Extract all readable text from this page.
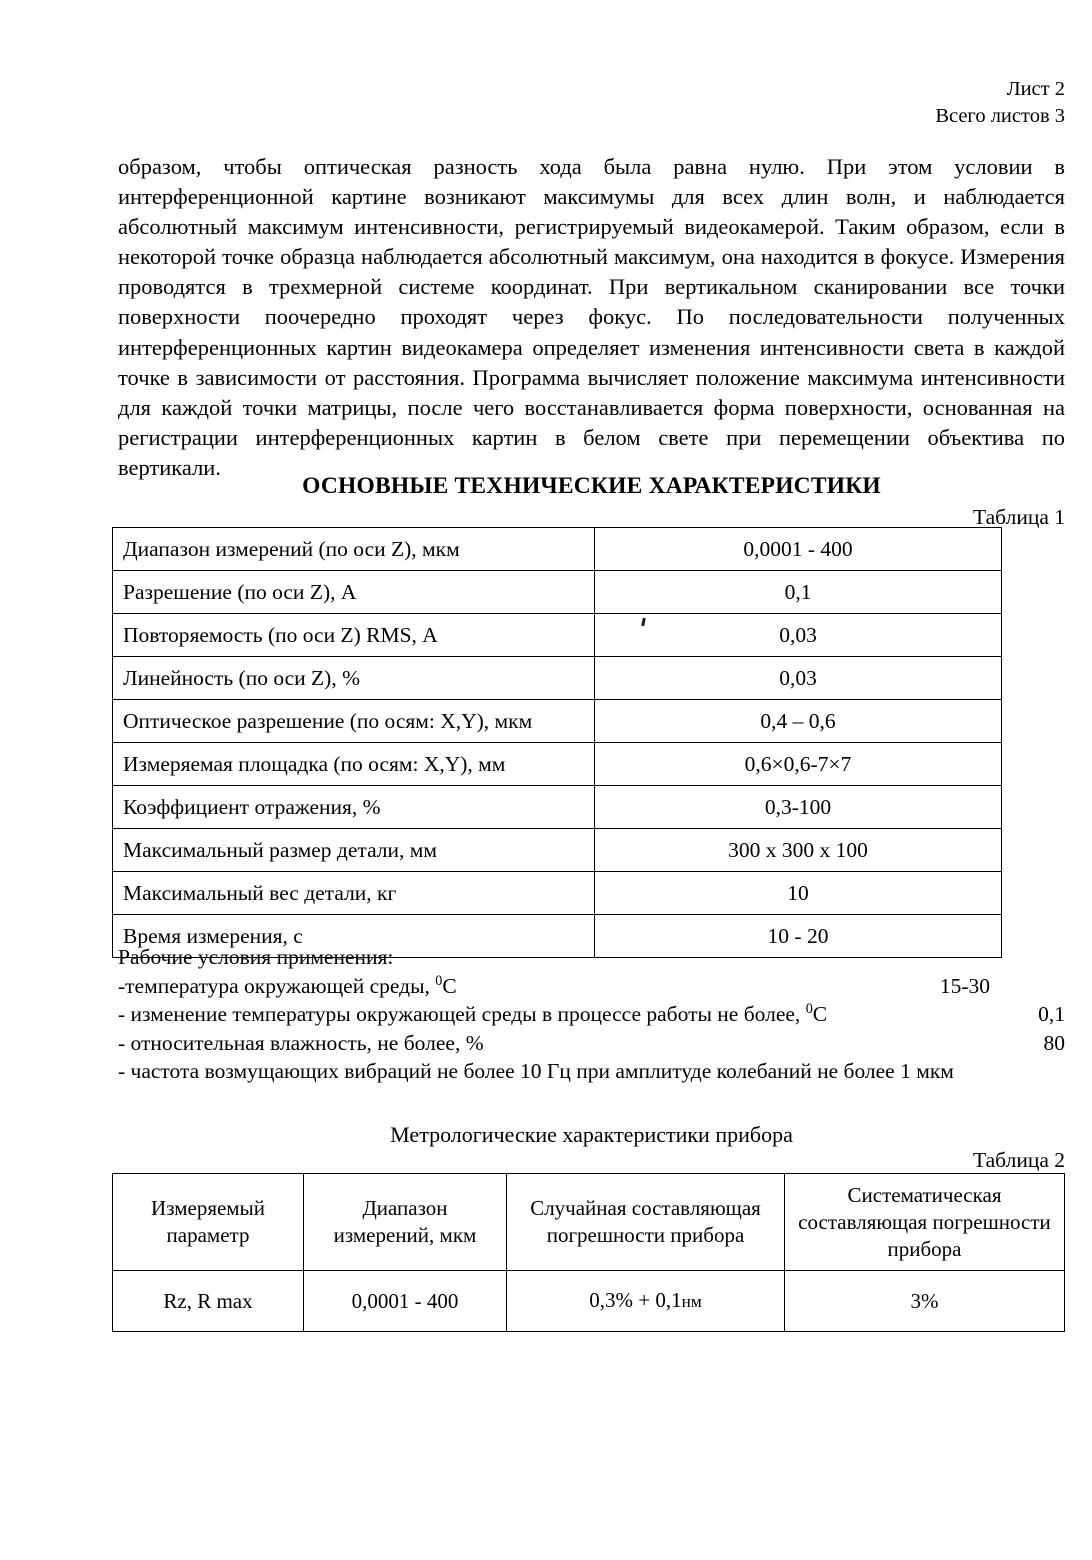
Лист 2
Всего листов 3
образом, чтобы оптическая разность хода была равна нулю. При этом условии в интерференционной картине возникают максимумы для всех длин волн, и наблюдается абсолютный максимум интенсивности, регистрируемый видеокамерой. Таким образом, если в некоторой точке образца наблюдается абсолютный максимум, она находится в фокусе. Измерения проводятся в трехмерной системе координат. При вертикальном сканировании все точки поверхности поочередно проходят через фокус. По последовательности полученных интерференционных картин видеокамера определяет изменения интенсивности света в каждой точке в зависимости от расстояния. Программа вычисляет положение максимума интенсивности для каждой точки матрицы, после чего восстанавливается форма поверхности, основанная на регистрации интерференционных картин в белом свете при перемещении объектива по вертикали.
ОСНОВНЫЕ ТЕХНИЧЕСКИЕ ХАРАКТЕРИСТИКИ
Таблица 1
Диапазон измерений (по оси Z), мкм	0,0001 - 400
Разрешение (по оси Z), А	0,1
Повторяемость (по оси Z) RMS, А	0,03
Линейность (по оси Z), %	0,03
Оптическое разрешение (по осям: X,Y), мкм	0,4 – 0,6
Измеряемая площадка (по осям: X,Y), мм	0,6×0,6-7×7
Коэффициент отражения, %	0,3-100
Максимальный размер детали, мм	300 x 300 x 100
Максимальный вес детали, кг	10
Время измерения, с	10 - 20
Рабочие условия применения:
-температура окружающей среды, $^0$С	15-30
- изменение температуры окружающей среды в процессе работы не более, $^0$С	0,1
- относительная влажность, не более, %	80
- частота возмущающих вибраций не более 10 Гц при амплитуде колебаний не более 1 мкм
Метрологические характеристики прибора
Таблица 2
Измеряемый параметр	Диапазон измерений, мкм	Случайная составляющая погрешности прибора	Систематическая составляющая погрешности прибора
Rz, R max	0,0001 - 400	0,3% + 0,1нм	3%
